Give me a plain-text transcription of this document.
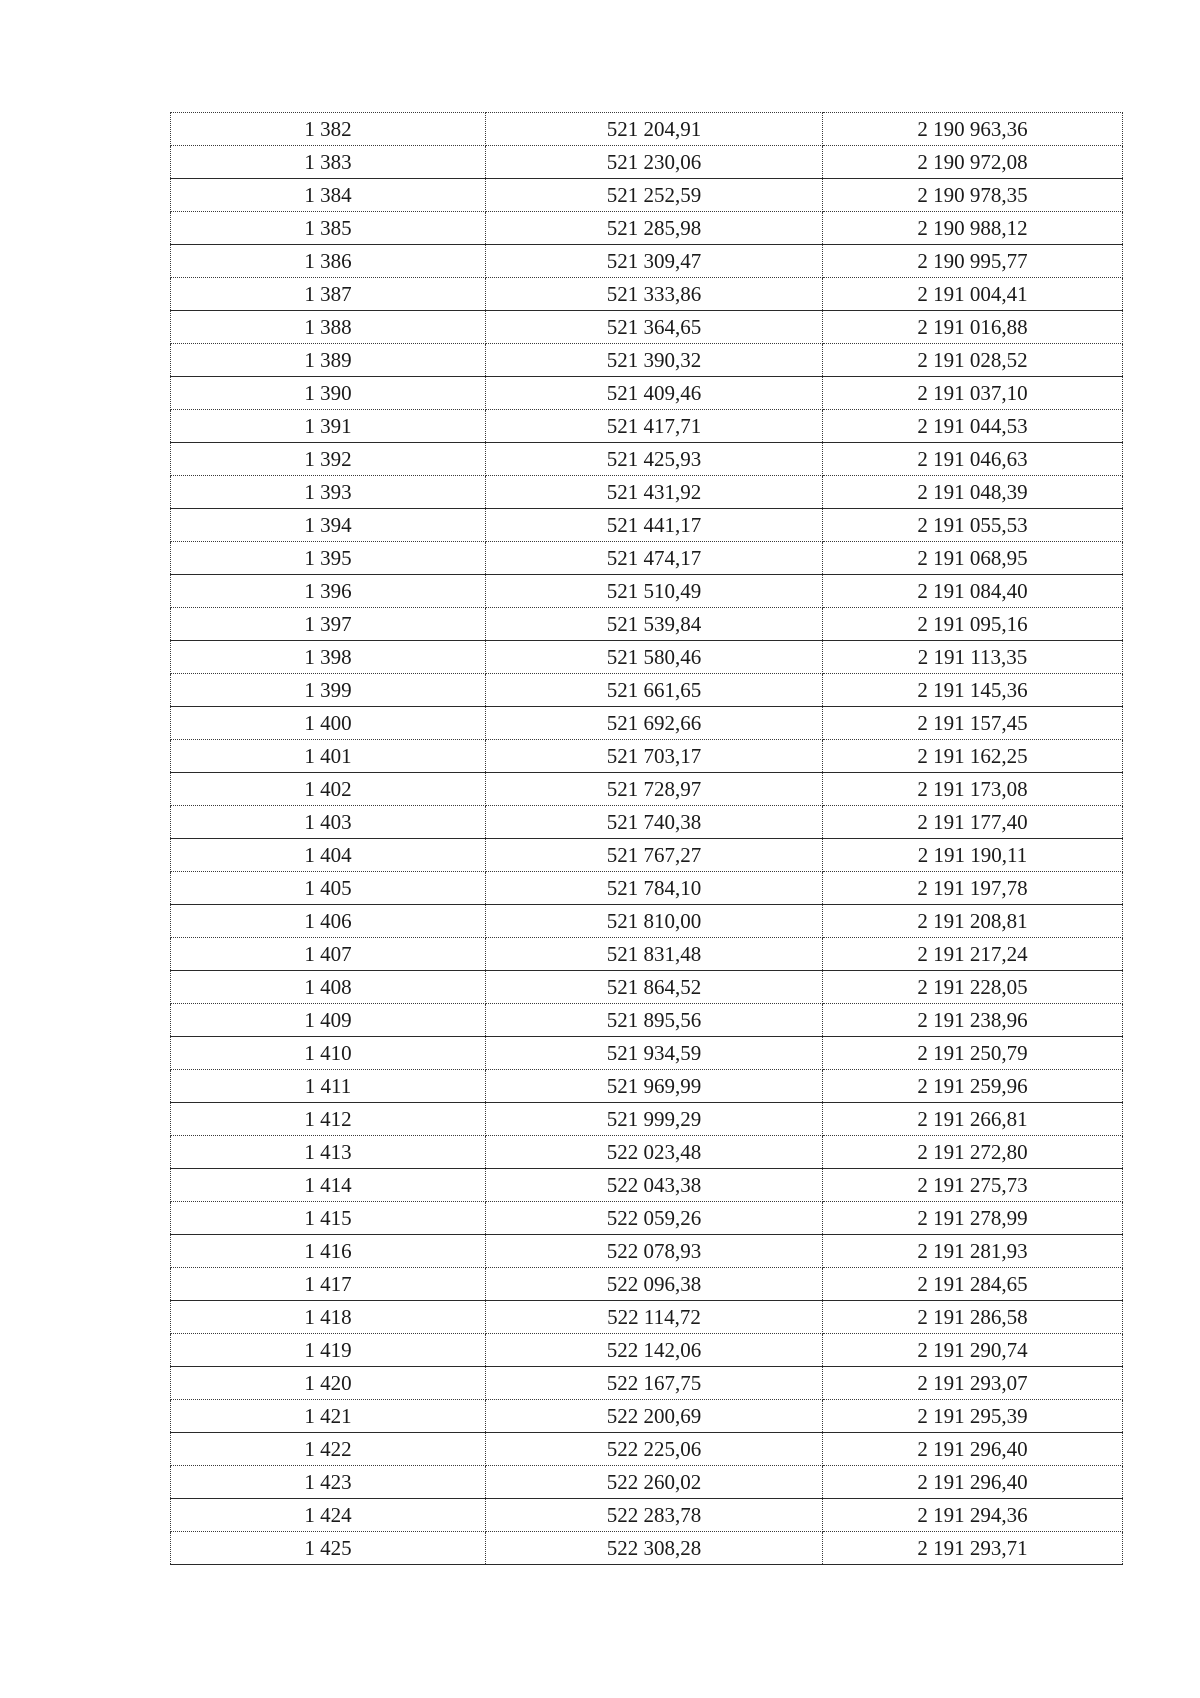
1 382	521 204,91	2 190 963,36
1 383	521 230,06	2 190 972,08
1 384	521 252,59	2 190 978,35
1 385	521 285,98	2 190 988,12
1 386	521 309,47	2 190 995,77
1 387	521 333,86	2 191 004,41
1 388	521 364,65	2 191 016,88
1 389	521 390,32	2 191 028,52
1 390	521 409,46	2 191 037,10
1 391	521 417,71	2 191 044,53
1 392	521 425,93	2 191 046,63
1 393	521 431,92	2 191 048,39
1 394	521 441,17	2 191 055,53
1 395	521 474,17	2 191 068,95
1 396	521 510,49	2 191 084,40
1 397	521 539,84	2 191 095,16
1 398	521 580,46	2 191 113,35
1 399	521 661,65	2 191 145,36
1 400	521 692,66	2 191 157,45
1 401	521 703,17	2 191 162,25
1 402	521 728,97	2 191 173,08
1 403	521 740,38	2 191 177,40
1 404	521 767,27	2 191 190,11
1 405	521 784,10	2 191 197,78
1 406	521 810,00	2 191 208,81
1 407	521 831,48	2 191 217,24
1 408	521 864,52	2 191 228,05
1 409	521 895,56	2 191 238,96
1 410	521 934,59	2 191 250,79
1 411	521 969,99	2 191 259,96
1 412	521 999,29	2 191 266,81
1 413	522 023,48	2 191 272,80
1 414	522 043,38	2 191 275,73
1 415	522 059,26	2 191 278,99
1 416	522 078,93	2 191 281,93
1 417	522 096,38	2 191 284,65
1 418	522 114,72	2 191 286,58
1 419	522 142,06	2 191 290,74
1 420	522 167,75	2 191 293,07
1 421	522 200,69	2 191 295,39
1 422	522 225,06	2 191 296,40
1 423	522 260,02	2 191 296,40
1 424	522 283,78	2 191 294,36
1 425	522 308,28	2 191 293,71
